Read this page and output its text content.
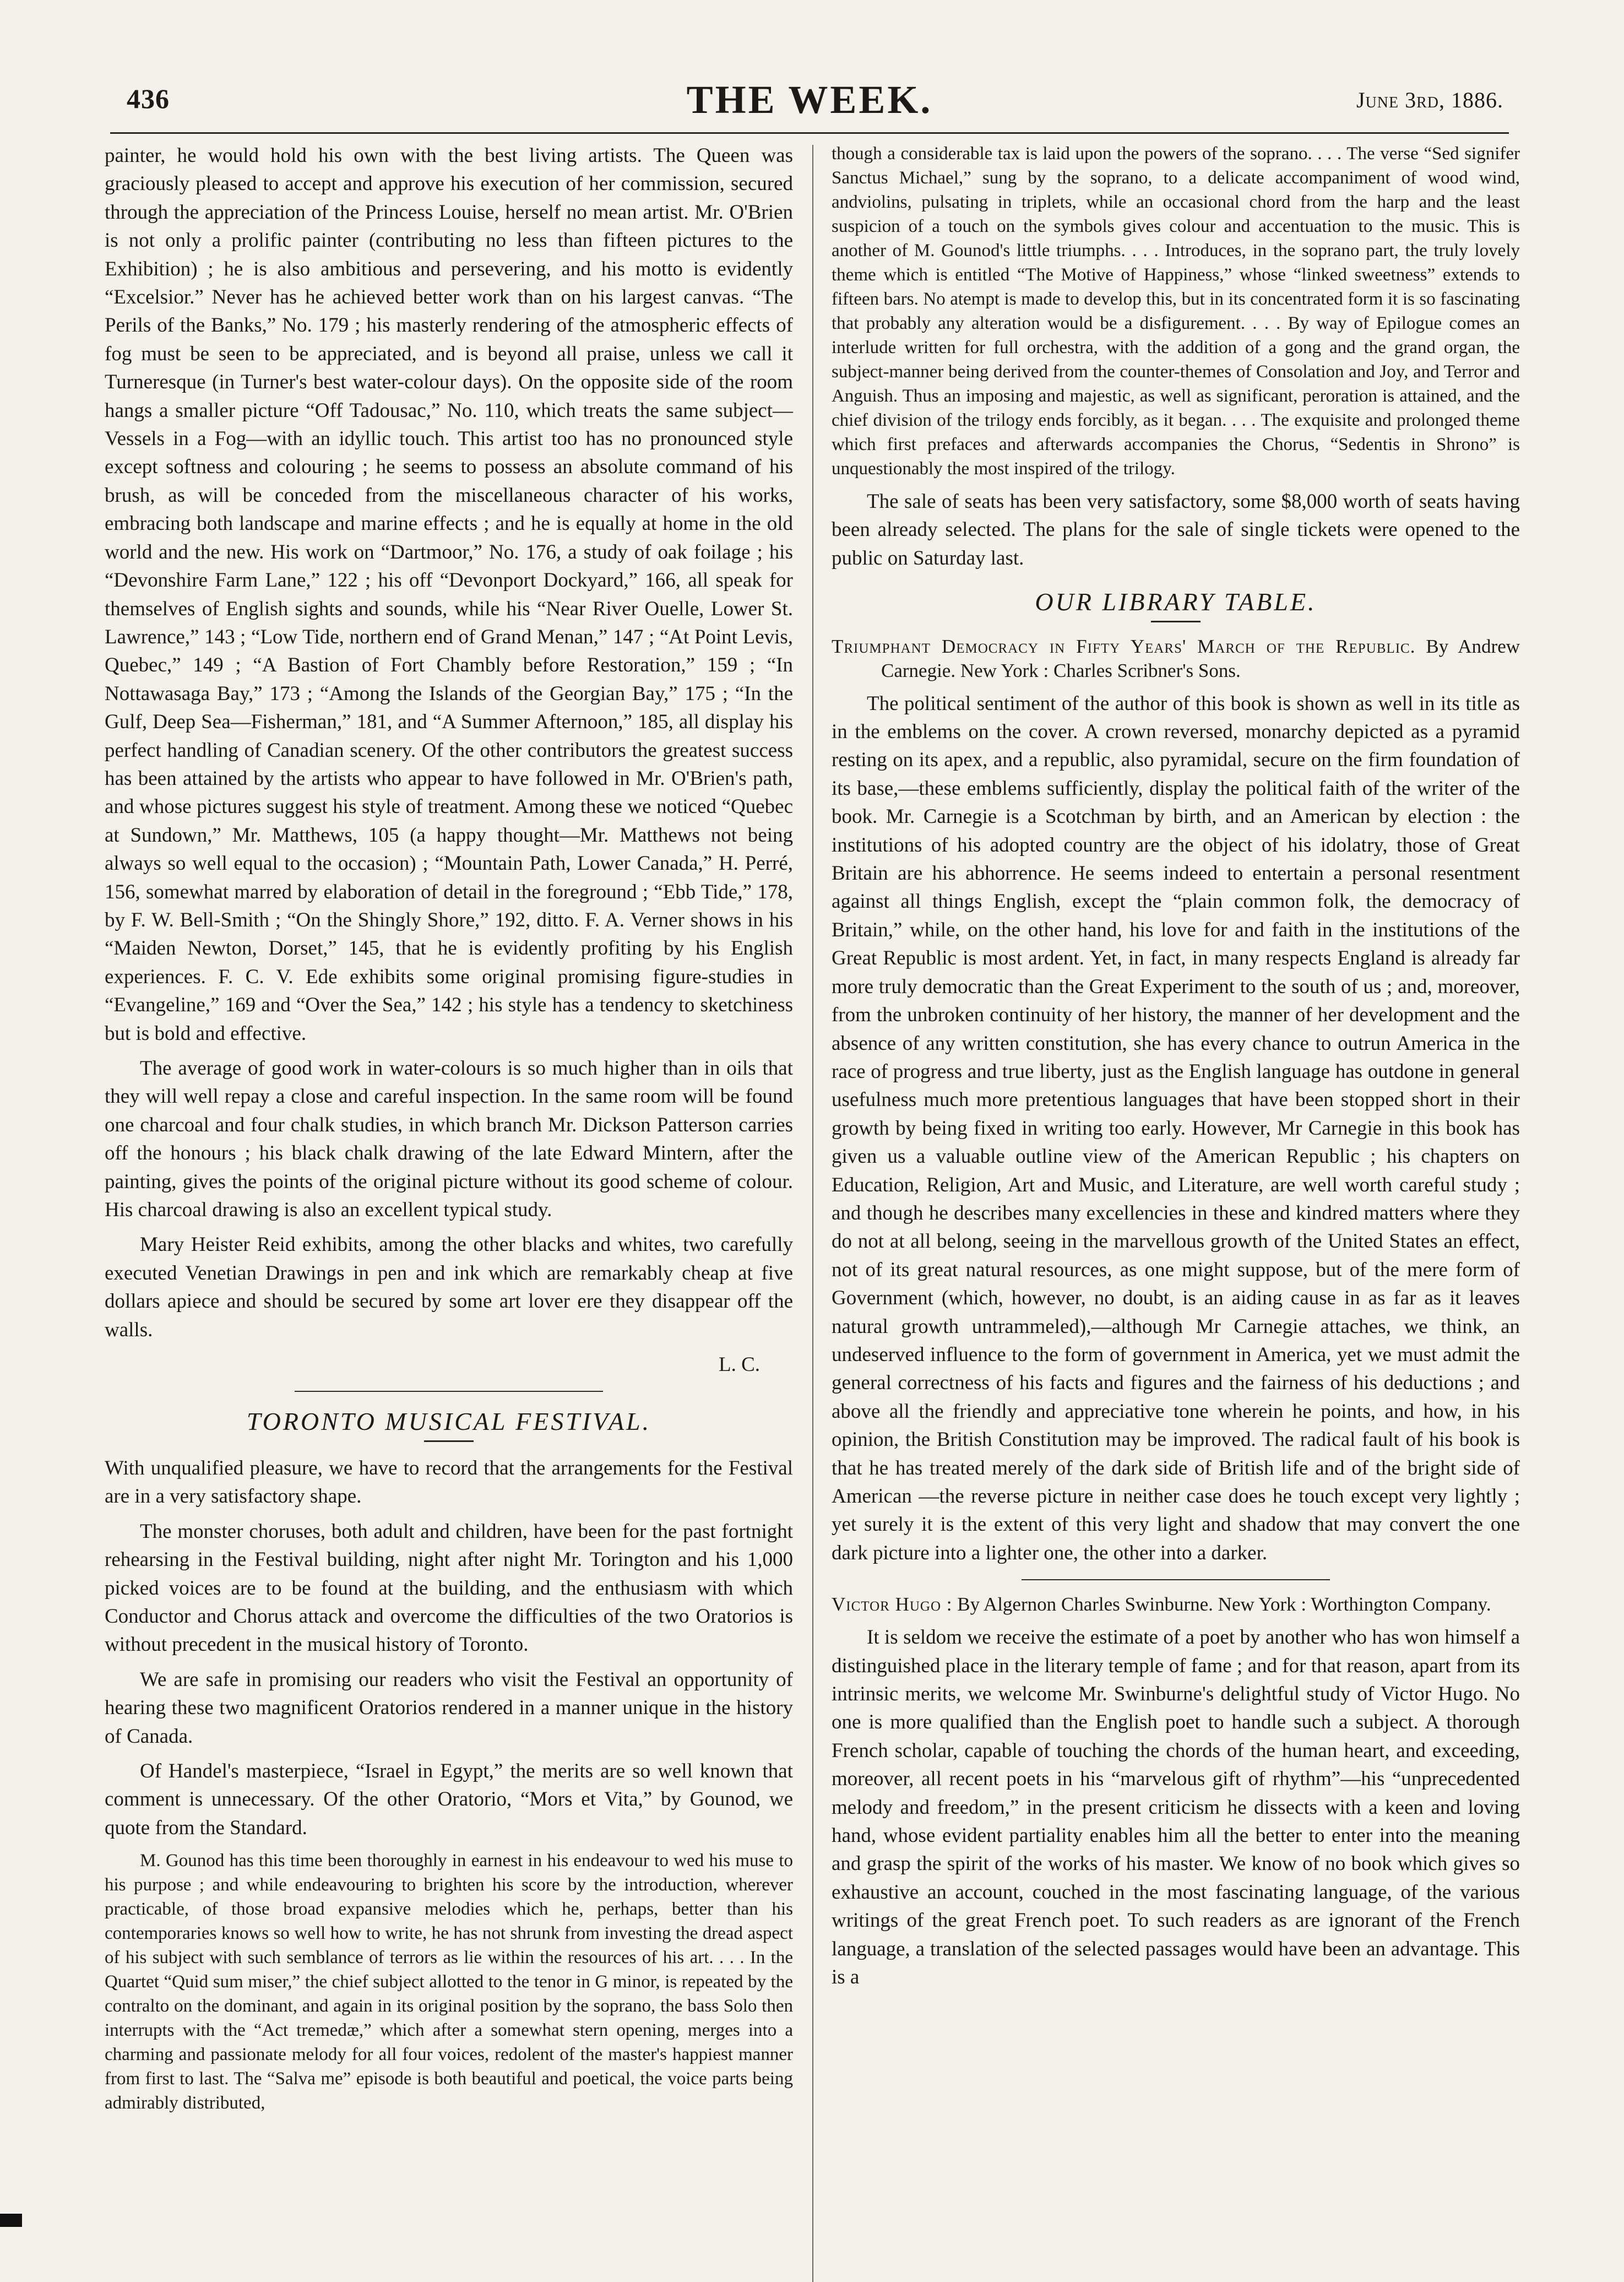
436	THE WEEK.	June 3rd, 1886.

painter, he would hold his own with the best living artists. The Queen was graciously pleased to accept and approve his execution of her commission, secured through the appreciation of the Princess Louise, herself no mean artist. Mr. O'Brien is not only a prolific painter (contributing no less than fifteen pictures to the Exhibition) ; he is also ambitious and persevering, and his motto is evidently “Excelsior.” Never has he achieved better work than on his largest canvas. “The Perils of the Banks,” No. 179 ; his masterly rendering of the atmospheric effects of fog must be seen to be appreciated, and is beyond all praise, unless we call it Turneresque (in Turner's best water-colour days). On the opposite side of the room hangs a smaller picture “Off Tadousac,” No. 110, which treats the same subject—Vessels in a Fog—with an idyllic touch. This artist too has no pronounced style except softness and colouring ; he seems to possess an absolute command of his brush, as will be conceded from the miscellaneous character of his works, embracing both landscape and marine effects ; and he is equally at home in the old world and the new. His work on “Dartmoor,” No. 176, a study of oak foilage ; his “Devonshire Farm Lane,” 122 ; his off “Devonport Dockyard,” 166, all speak for themselves of English sights and sounds, while his “Near River Ouelle, Lower St. Lawrence,” 143 ; “Low Tide, northern end of Grand Menan,” 147 ; “At Point Levis, Quebec,” 149 ; “A Bastion of Fort Chambly before Restoration,” 159 ; “In Nottawasaga Bay,” 173 ; “Among the Islands of the Georgian Bay,” 175 ; “In the Gulf, Deep Sea—Fisherman,” 181, and “A Summer Afternoon,” 185, all display his perfect handling of Canadian scenery. Of the other contributors the greatest success has been attained by the artists who appear to have followed in Mr. O'Brien's path, and whose pictures suggest his style of treatment. Among these we noticed “Quebec at Sundown,” Mr. Matthews, 105 (a happy thought—Mr. Matthews not being always so well equal to the occasion) ; “Mountain Path, Lower Canada,” H. Perré, 156, somewhat marred by elaboration of detail in the foreground ; “Ebb Tide,” 178, by F. W. Bell-Smith ; “On the Shingly Shore,” 192, ditto. F. A. Verner shows in his “Maiden Newton, Dorset,” 145, that he is evidently profiting by his English experiences. F. C. V. Ede exhibits some original promising figure-studies in “Evangeline,” 169 and “Over the Sea,” 142 ; his style has a tendency to sketchiness but is bold and effective.

The average of good work in water-colours is so much higher than in oils that they will well repay a close and careful inspection. In the same room will be found one charcoal and four chalk studies, in which branch Mr. Dickson Patterson carries off the honours ; his black chalk drawing of the late Edward Mintern, after the painting, gives the points of the original picture without its good scheme of colour. His charcoal drawing is also an excellent typical study.

Mary Heister Reid exhibits, among the other blacks and whites, two carefully executed Venetian Drawings in pen and ink which are remarkably cheap at five dollars apiece and should be secured by some art lover ere they disappear off the walls.

L. C.

TORONTO MUSICAL FESTIVAL.

With unqualified pleasure, we have to record that the arrangements for the Festival are in a very satisfactory shape.

The monster choruses, both adult and children, have been for the past fortnight rehearsing in the Festival building, night after night Mr. Torington and his 1,000 picked voices are to be found at the building, and the enthusiasm with which Conductor and Chorus attack and overcome the difficulties of the two Oratorios is without precedent in the musical history of Toronto.

We are safe in promising our readers who visit the Festival an opportunity of hearing these two magnificent Oratorios rendered in a manner unique in the history of Canada.

Of Handel's masterpiece, “Israel in Egypt,” the merits are so well known that comment is unnecessary. Of the other Oratorio, “Mors et Vita,” by Gounod, we quote from the Standard.

M. Gounod has this time been thoroughly in earnest in his endeavour to wed his muse to his purpose ; and while endeavouring to brighten his score by the introduction, wherever practicable, of those broad expansive melodies which he, perhaps, better than his contemporaries knows so well how to write, he has not shrunk from investing the dread aspect of his subject with such semblance of terrors as lie within the resources of his art. . . . In the Quartet “Quid sum miser,” the chief subject allotted to the tenor in G minor, is repeated by the contralto on the dominant, and again in its original position by the soprano, the bass Solo then interrupts with the “Act tremedæ,” which after a somewhat stern opening, merges into a charming and passionate melody for all four voices, redolent of the master's happiest manner from first to last. The “Salva me” episode is both beautiful and poetical, the voice parts being admirably distributed,

though a considerable tax is laid upon the powers of the soprano. . . . The verse “Sed signifer Sanctus Michael,” sung by the soprano, to a delicate accompaniment of wood wind, andviolins, pulsating in triplets, while an occasional chord from the harp and the least suspicion of a touch on the symbols gives colour and accentuation to the music. This is another of M. Gounod's little triumphs. . . . Introduces, in the soprano part, the truly lovely theme which is entitled “The Motive of Happiness,” whose “linked sweetness” extends to fifteen bars. No atempt is made to develop this, but in its concentrated form it is so fascinating that probably any alteration would be a disfigurement. . . . By way of Epilogue comes an interlude written for full orchestra, with the addition of a gong and the grand organ, the subject-manner being derived from the counter-themes of Consolation and Joy, and Terror and Anguish. Thus an imposing and majestic, as well as significant, peroration is attained, and the chief division of the trilogy ends forcibly, as it began. . . . The exquisite and prolonged theme which first prefaces and afterwards accompanies the Chorus, “Sedentis in Shrono” is unquestionably the most inspired of the trilogy.

The sale of seats has been very satisfactory, some $8,000 worth of seats having been already selected. The plans for the sale of single tickets were opened to the public on Saturday last.

OUR LIBRARY TABLE.
Triumphant Democracy in Fifty Years' March of the Republic. By Andrew Carnegie. New York : Charles Scribner's Sons.

The political sentiment of the author of this book is shown as well in its title as in the emblems on the cover. A crown reversed, monarchy depicted as a pyramid resting on its apex, and a republic, also pyramidal, secure on the firm foundation of its base,—these emblems sufficiently, display the political faith of the writer of the book. Mr. Carnegie is a Scotchman by birth, and an American by election : the institutions of his adopted country are the object of his idolatry, those of Great Britain are his abhorrence. He seems indeed to entertain a personal resentment against all things English, except the “plain common folk, the democracy of Britain,” while, on the other hand, his love for and faith in the institutions of the Great Republic is most ardent. Yet, in fact, in many respects England is already far more truly democratic than the Great Experiment to the south of us ; and, moreover, from the unbroken continuity of her history, the manner of her development and the absence of any written constitution, she has every chance to outrun America in the race of progress and true liberty, just as the English language has outdone in general usefulness much more pretentious languages that have been stopped short in their growth by being fixed in writing too early. However, Mr Carnegie in this book has given us a valuable outline view of the American Republic ; his chapters on Education, Religion, Art and Music, and Literature, are well worth careful study ; and though he describes many excellencies in these and kindred matters where they do not at all belong, seeing in the marvellous growth of the United States an effect, not of its great natural resources, as one might suppose, but of the mere form of Government (which, however, no doubt, is an aiding cause in as far as it leaves natural growth untrammeled),—although Mr Carnegie attaches, we think, an undeserved influence to the form of government in America, yet we must admit the general correctness of his facts and figures and the fairness of his deductions ; and above all the friendly and appreciative tone wherein he points, and how, in his opinion, the British Constitution may be improved. The radical fault of his book is that he has treated merely of the dark side of British life and of the bright side of American —the reverse picture in neither case does he touch except very lightly ; yet surely it is the extent of this very light and shadow that may convert the one dark picture into a lighter one, the other into a darker.

Victor Hugo : By Algernon Charles Swinburne. New York : Worthington Company.

It is seldom we receive the estimate of a poet by another who has won himself a distinguished place in the literary temple of fame ; and for that reason, apart from its intrinsic merits, we welcome Mr. Swinburne's delightful study of Victor Hugo. No one is more qualified than the English poet to handle such a subject. A thorough French scholar, capable of touching the chords of the human heart, and exceeding, moreover, all recent poets in his “marvelous gift of rhythm”—his “unprecedented melody and freedom,” in the present criticism he dissects with a keen and loving hand, whose evident partiality enables him all the better to enter into the meaning and grasp the spirit of the works of his master. We know of no book which gives so exhaustive an account, couched in the most fascinating language, of the various writings of the great French poet. To such readers as are ignorant of the French language, a translation of the selected passages would have been an advantage. This is a
